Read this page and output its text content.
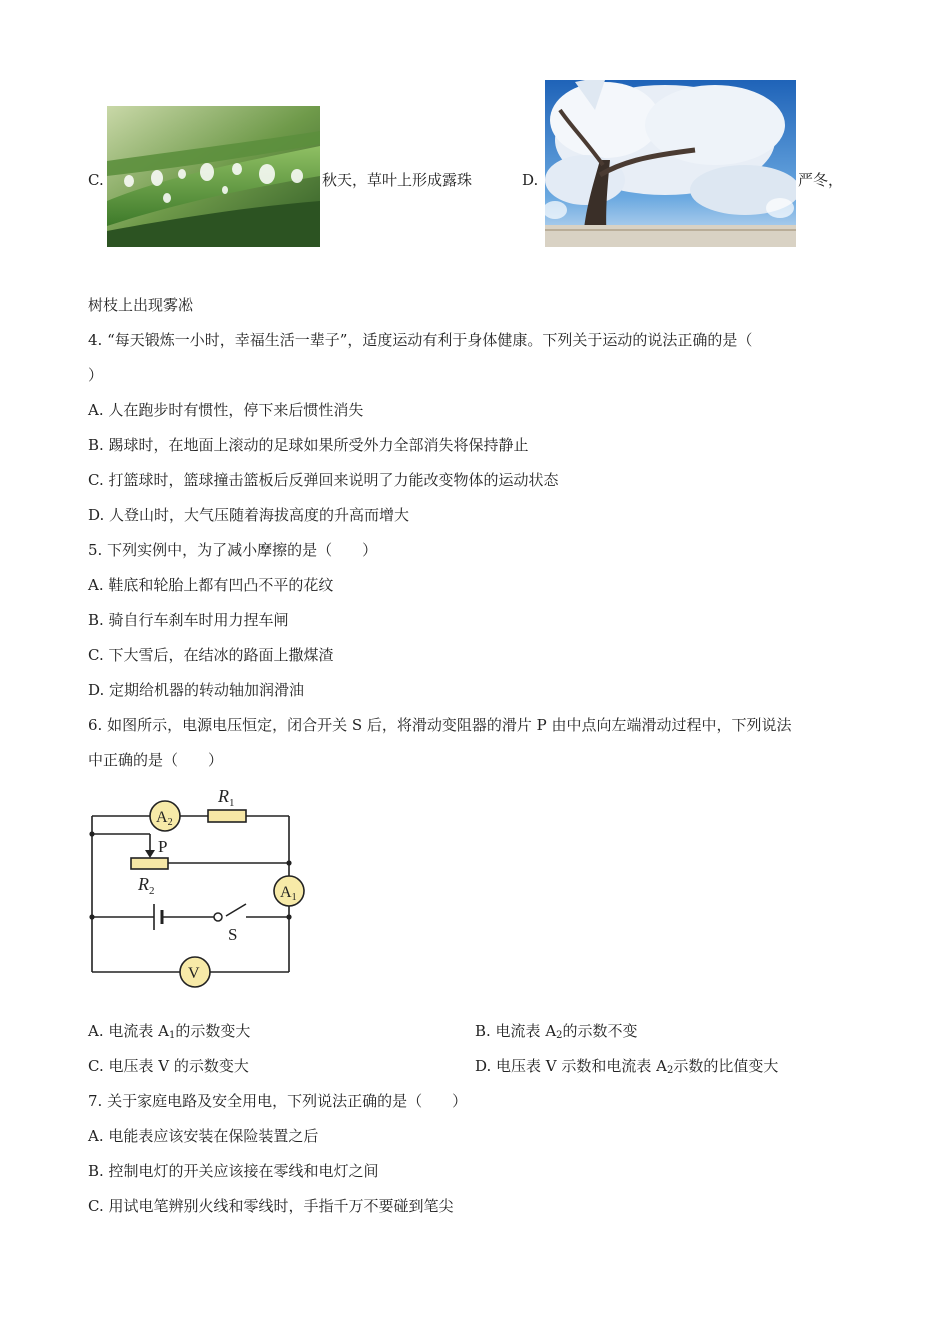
C.	秋天，草叶上形成露珠	D.	严冬，
树枝上出现雾凇
4. “每天锻炼一小时，幸福生活一辈子”，适度运动有利于身体健康。下列关于运动的说法正确的是（
）
A. 人在跑步时有惯性，停下来后惯性消失
B. 踢球时，在地面上滚动的足球如果所受外力全部消失将保持静止
C. 打篮球时，篮球撞击篮板后反弹回来说明了力能改变物体的运动状态
D. 人登山时，大气压随着海拔高度的升高而增大
5. 下列实例中，为了减小摩擦的是（　　）
A. 鞋底和轮胎上都有凹凸不平的花纹
B. 骑自行车刹车时用力捏车闸
C. 下大雪后，在结冰的路面上撒煤渣
D. 定期给机器的转动轴加润滑油
6. 如图所示，电源电压恒定，闭合开关 S 后，将滑动变阻器的滑片 P 由中点向左端滑动过程中，下列说法
中正确的是（　　）
A2
A1
V
$R_1$
$R_2$
P
S
A. 电流表 $A_1$的示数变大	B. 电流表 $A_2$的示数不变
C. 电压表 V 的示数变大	D. 电压表 V 示数和电流表 $A_2$示数的比值变大
7. 关于家庭电路及安全用电，下列说法正确的是（　　）
A. 电能表应该安装在保险装置之后
B. 控制电灯的开关应该接在零线和电灯之间
C. 用试电笔辨别火线和零线时，手指千万不要碰到笔尖
